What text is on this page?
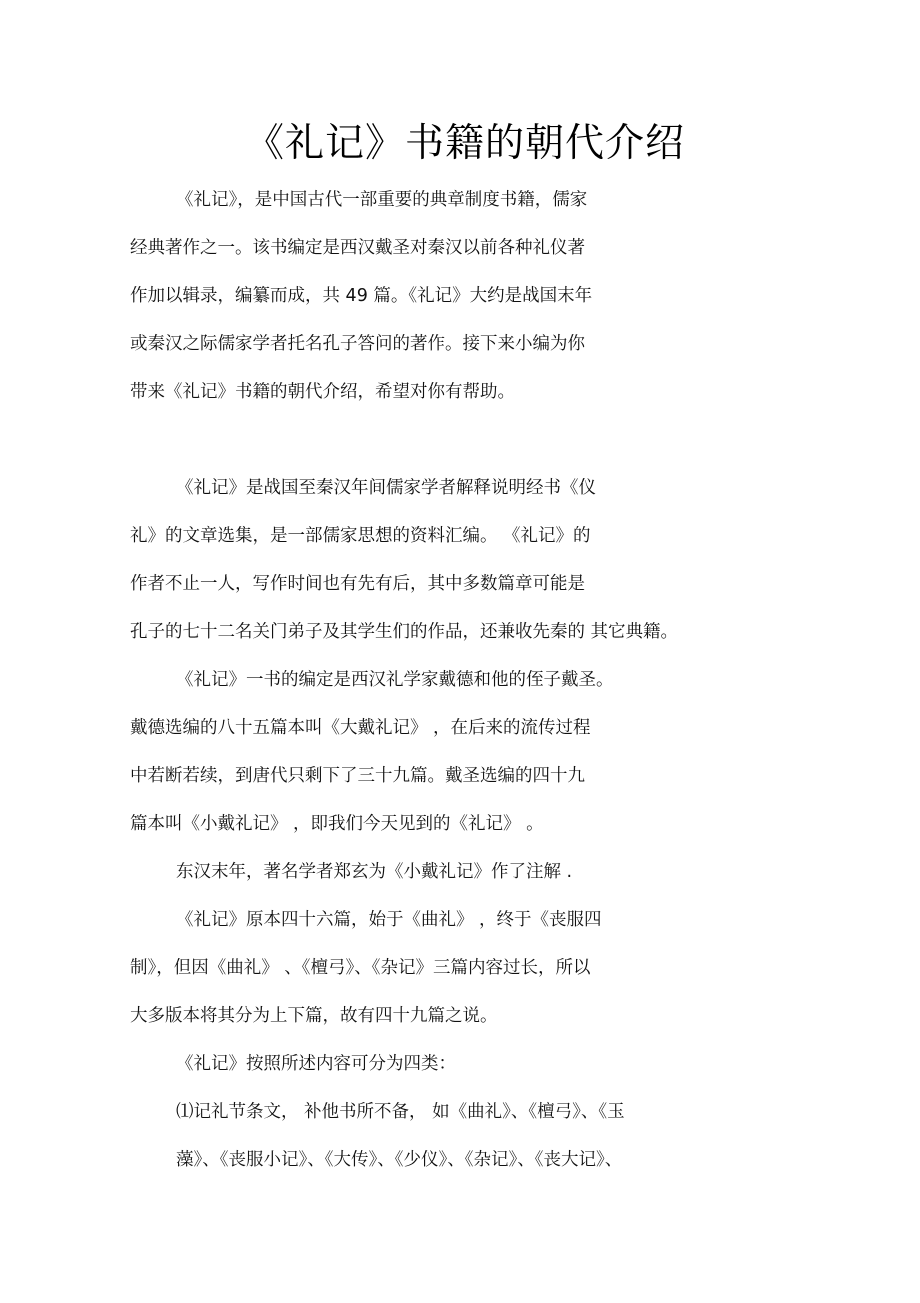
《礼记》书籍的朝代介绍
《礼记》，是中国古代一部重要的典章制度书籍，儒家
经典著作之一。该书编定是西汉戴圣对秦汉以前各种礼仪著
作加以辑录，编纂而成，共 49 篇。《礼记》大约是战国末年
或秦汉之际儒家学者托名孔子答问的著作。接下来小编为你
带来《礼记》书籍的朝代介绍，希望对你有帮助。
《礼记》是战国至秦汉年间儒家学者解释说明经书《仪
礼》的文章选集，是一部儒家思想的资料汇编。 《礼记》的
作者不止一人，写作时间也有先有后，其中多数篇章可能是
孔子的七十二名关门弟子及其学生们的作品，还兼收先秦的 其它典籍。
《礼记》一书的编定是西汉礼学家戴德和他的侄子戴圣。
戴德选编的八十五篇本叫《大戴礼记》 ，在后来的流传过程
中若断若续，到唐代只剩下了三十九篇。戴圣选编的四十九
篇本叫《小戴礼记》 ，即我们今天见到的《礼记》 。
东汉末年，著名学者郑玄为《小戴礼记》作了注解 .
《礼记》原本四十六篇，始于《曲礼》 ，终于《丧服四
制》，但因《曲礼》 、《檀弓》、《杂记》三篇内容过长，所以
大多版本将其分为上下篇，故有四十九篇之说。
《礼记》按照所述内容可分为四类：
⑴记礼节条文， 补他书所不备， 如《曲礼》、《檀弓》、《玉
藻》、《丧服小记》、《大传》、《少仪》、《杂记》、《丧大记》、
